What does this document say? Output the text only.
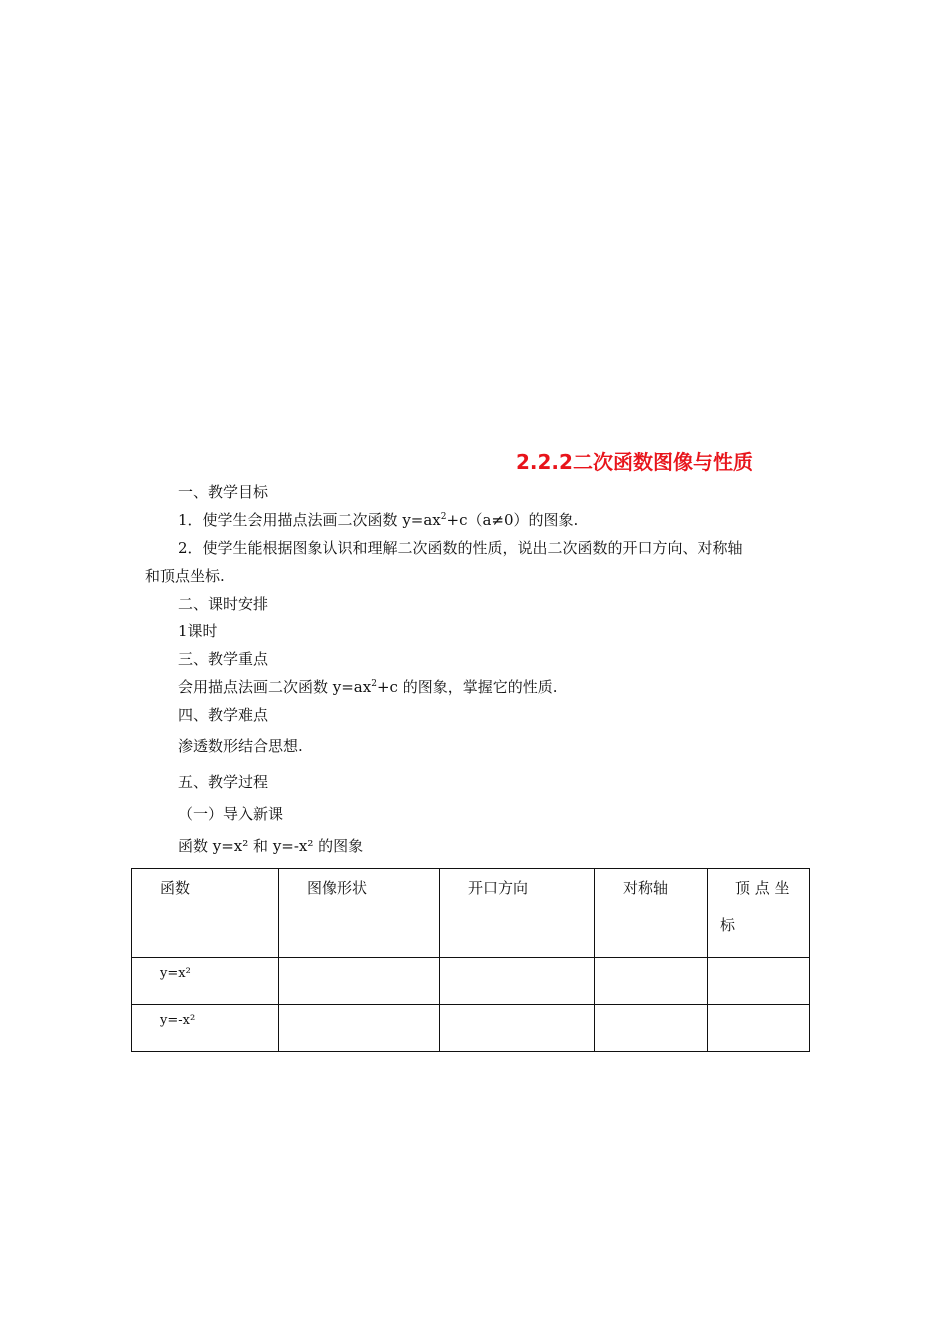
2.2.2二次函数图像与性质
一、教学目标
1．使学生会用描点法画二次函数 $y=ax^2+c(a\ne 0)$的图象.
2．使学生能根据图象认识和理解二次函数的性质，说出二次函数的开口方向、对称轴
和顶点坐标.
二、课时安排
1课时
三、教学重点
会用描点法画二次函数 $y=ax^2+c$ 的图象，掌握它的性质.
四、教学难点
渗透数形结合思想.
五、教学过程
（一）导入新课
函数 y=x² 和 y=-x² 的图象
函数	图像形状	开口方向	对称轴	顶 点 坐
标

y=x²				

y=-x²				
